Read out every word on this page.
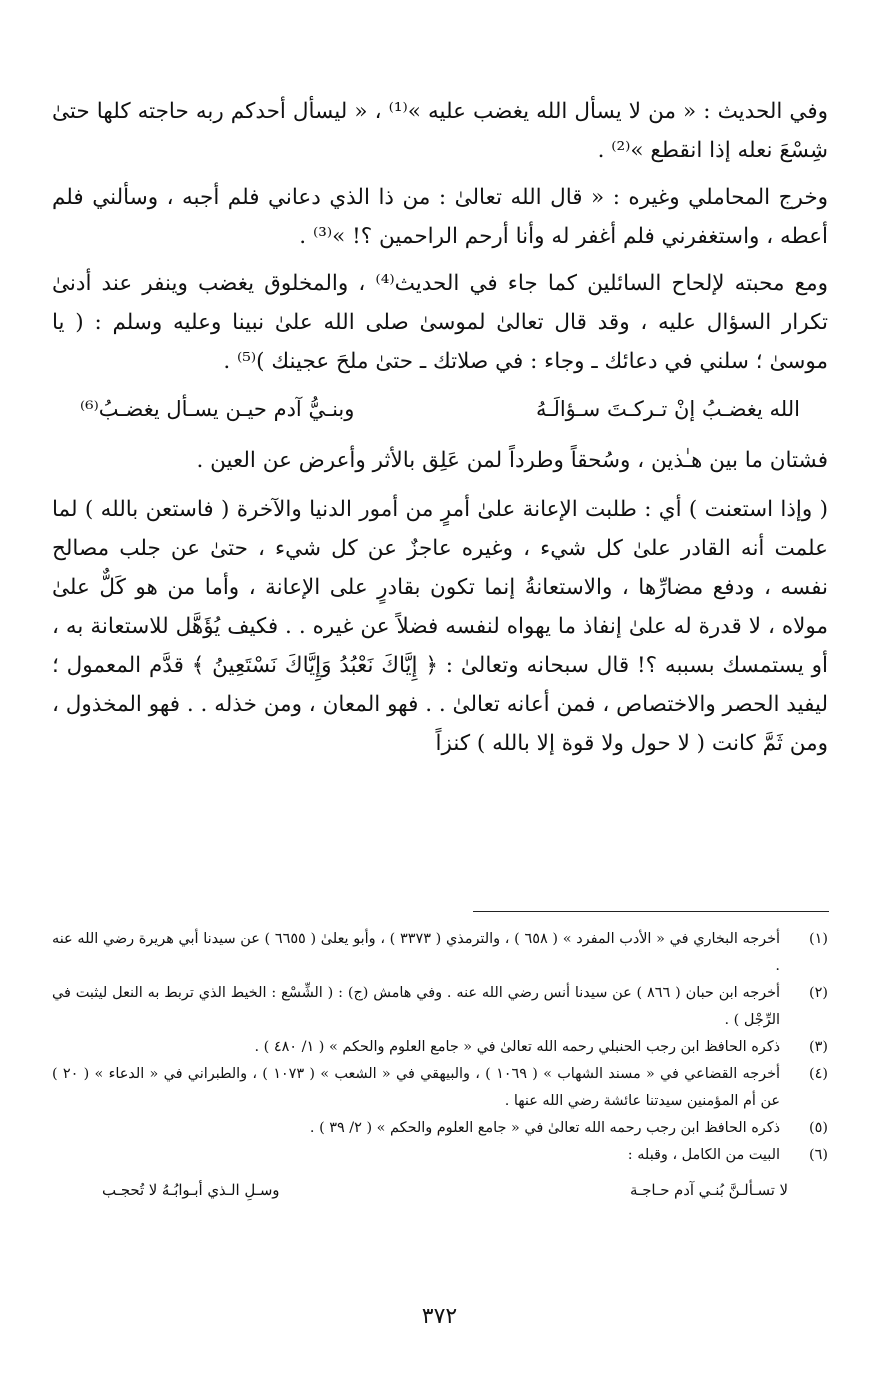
وفي الحديث : « من لا يسأل الله يغضب عليه »⁽¹⁾ ، « ليسأل أحدكم ربه حاجته كلها حتىٰ شِسْعَ نعله إذا انقطع »⁽²⁾ .

وخرج المحاملي وغيره : « قال الله تعالىٰ : من ذا الذي دعاني فلم أجبه ، وسألني فلم أعطه ، واستغفرني فلم أغفر له وأنا أرحم الراحمين ؟! »⁽³⁾ .

ومع محبته لإلحاح السائلين كما جاء في الحديث⁽⁴⁾ ، والمخلوق يغضب وينفر عند أدنىٰ تكرار السؤال عليه ، وقد قال تعالىٰ لموسىٰ صلى الله علىٰ نبينا وعليه وسلم : ( يا موسىٰ ؛ سلني في دعائك ـ وجاء : في صلاتك ـ حتىٰ ملحَ عجينك )⁽⁵⁾ .

الله يغضـبُ إنْ تـركـتَ سـؤالَـهُ
وبنـيُّ آدم حيـن يسـأل يغضـبُ⁽⁶⁾

فشتان ما بين هـٰذين ، وسُحقاً وطرداً لمن عَلِق بالأثر وأعرض عن العين .

( وإذا استعنت ) أي : طلبت الإعانة علىٰ أمرٍ من أمور الدنيا والآخرة ( فاستعن بالله ) لما علمت أنه القادر علىٰ كل شيء ، وغيره عاجزٌ عن كل شيء ، حتىٰ عن جلب مصالح نفسه ، ودفع مضارِّها ، والاستعانةُ إنما تكون بقادرٍ على الإعانة ، وأما من هو كَلٌّ علىٰ مولاه ، لا قدرة له علىٰ إنفاذ ما يهواه لنفسه فضلاً عن غيره . . فكيف يُؤَهَّل للاستعانة به ، أو يستمسك بسببه ؟! قال سبحانه وتعالىٰ : ﴿ إِيَّاكَ نَعْبُدُ وَإِيَّاكَ نَسْتَعِينُ ﴾ قدَّم المعمول ؛ ليفيد الحصر والاختصاص ، فمن أعانه تعالىٰ . . فهو المعان ، ومن خذله . . فهو المخذول ، ومن ثَمَّ كانت ( لا حول ولا قوة إلا بالله ) كنزاً

(١)
أخرجه البخاري في « الأدب المفرد » ( ٦٥٨ ) ، والترمذي ( ٣٣٧٣ ) ، وأبو يعلىٰ ( ٦٦٥٥ ) عن سيدنا أبي هريرة رضي الله عنه .
(٢)
أخرجه ابن حبان ( ٨٦٦ ) عن سيدنا أنس رضي الله عنه . وفي هامش (ج) : ( الشِّسْع : الخيط الذي تربط به النعل ليثبت في الرِّجْل ) .
(٣)
ذكره الحافظ ابن رجب الحنبلي رحمه الله تعالىٰ في « جامع العلوم والحكم » ( ١/ ٤٨٠ ) .
(٤)
أخرجه القضاعي في « مسند الشهاب » ( ١٠٦٩ ) ، والبيهقي في « الشعب » ( ١٠٧٣ ) ، والطبراني في « الدعاء » ( ٢٠ ) عن أم المؤمنين سيدتنا عائشة رضي الله عنها .
(٥)
ذكره الحافظ ابن رجب رحمه الله تعالىٰ في « جامع العلوم والحكم » ( ٢/ ٣٩ ) .
(٦)
البيت من الكامل ، وقبله :
لا تسـألـنَّ بُنـي آدم حـاجـة
وسـلِ الـذي أبـوابُـهُ لا تُحجـب
٣٧٢
